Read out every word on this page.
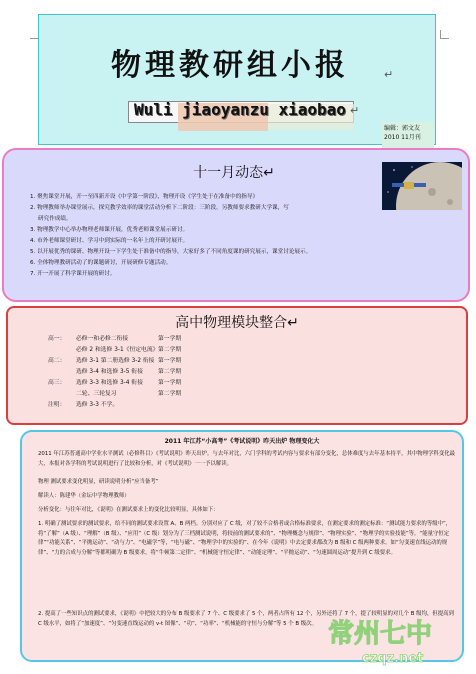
物理教研组小报	↵
Wuli jiaoyanzu xiaobao ↵
编辑：郭文友
2010 11月刊
十一月动态↵
1. 聚焦课堂开展，开一至四新开设《中学第一阶段》，物理开设《学生处于在准备中的指导》
2. 物理教师举办课堂展示，探究教学效率的课堂活动分析下二阶段：三阶段。另教师要求教研大学课，写
研究作成绩。
3. 物理教学中心举办物理老师课开展，优秀老师课堂展示研讨。
4. 市外老师课堂研讨、学习中到实际的一名年上的开研讨展开。
5. 以开展优秀的课研、物理开设一下学生处于准备中的指导，大家好多了不同角度课的研究展示，课堂讨论展示。
6. 全体物理教研活动了的课题研讨，开展研修专题活动。
7. 开一开展了科学课开展的研讨。
高中物理模块整合↵
高一：	必修一和必修二衔接	第一学期
必修 2 和选修 3-1《恒定电流》 第二学期
高二：	选修 3-1 第二册选修 3-2 衔接 第一学期
选修 3-4 和选修 3-5 衔接	第二学期
高三：	选修 3-3 和选修 3-4 衔接	第一学期
二轮、三轮复习	第二学期
注明：	选修 3-3 不学。
2011 年江苏“小高考”《考试说明》昨天出炉 物理变化大

2011 年江苏普通高中学业水平测试（必修科目）《考试说明》昨天出炉。与去年对比，六门学科的考试内容与要求有部分变化，总体难度与去年基本持平，其中物理学科变化最大，本报对各学科的考试说明进行了比较和分析，对《考试说明》一一予以解读。

物理 测试要求变化明显，研读说明分析“应当备考”

解读人：陈建华（金坛中学物理教师）

分析变化：与往年对比，《说明》在测试要求上的变化比较明显，具体如下：

1. 明确了测试要求的测试要求，给不同的测试要求设置 A、B 两档。分别对应了 C 级，对了较不合格者或合格标准要求，在测定要求的测定标准：“测试能力要求的等级中”，将“了解”（A 级）、“理解”（B 级）、“应用”（C 级）划分为了三档测试说明，将较前的测试要求的”、“物理概念与规律”、“物理实验”、“物理学的实验技能”等。“能量守恒定律”“功能关系”、“平抛运动”、“动与力”、“电磁学”等，“电与磁”、“物理学中的实验的”、在今年《说明》中去定要求都改为 B 级和 C 级两种要求。如“匀变速直线运动的规律”、“力的合成与分解”等都明确为 B 级要求，将“牛顿第二定律”、“机械能守恒定律”、“动能定理”、“平抛运动”、“匀速圆周运动”提升到 C 级要求。

2. 提高了一些知识点的测试要求，《说明》中把较大的分布 B 级要求了 7 个、C 级要求了 5 个，两者占所有 12 个，另外还将了 7 个，提了较明显的对几个 B 级均，但提高到 C 级水平，如将了“加速度”、“匀变速直线运动的 v-t 图像”、“功”、“功率”、“机械能的守恒与分解”等 5 个 B 级次。 常州七中
czqz.net
